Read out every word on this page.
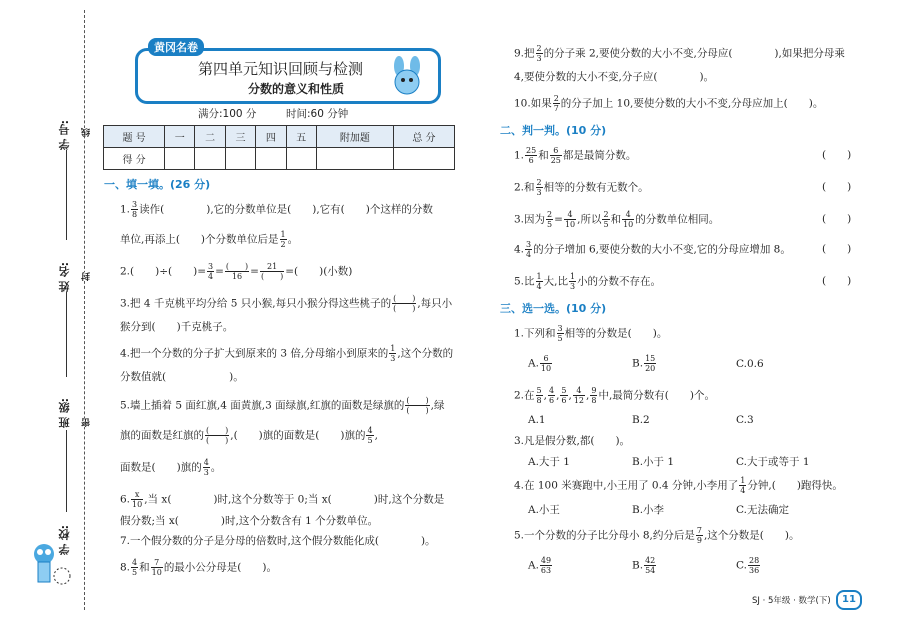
学 号:
姓 名:
班 级:
学 校:
线
封
密
黄冈名卷
第四单元知识回顾与检测
分数的意义和性质
满分:100 分	时间:60 分钟
题 号	一	二	三	四	五	附加题	总 分
得 分							
一、填一填。(26 分)
1. $\frac{3}{8}$ 读作(　　　　),它的分数单位是(　　),它有(　　)个这样的分数
单位,再添上(　　)个分数单位后是 $\frac{1}{2}$ 。
2.(　　)÷(　　)= $\frac{3}{4} = \frac{( )}{16} = \frac{21}{( )}$ =(　　)(小数)
3.把 4 千克桃平均分给 5 只小猴,每只小猴分得这些桃子的 $\frac{( )}{( )}$ ,每只小
猴分到(　　)千克桃子。
4.把一个分数的分子扩大到原来的 3 倍,分母缩小到原来的 $\frac{1}{3}$ ,这个分数的
分数值就(　　　　　　)。
5.墙上插着 5 面红旗,4 面黄旗,3 面绿旗,红旗的面数是绿旗的 $\frac{( )}{( )}$ ,绿
旗的面数是红旗的 $\frac{( )}{( )}$ ,(　　)旗的面数是(　　)旗的 $\frac{4}{5}$ ,
面数是(　　)旗的 $\frac{4}{3}$ 。
6. $\frac{x}{10}$ ,当 x(　　　　)时,这个分数等于 0;当 x(　　　　)时,这个分数是
假分数;当 x(　　　　)时,这个分数含有 1 个分数单位。
7.一个假分数的分子是分母的倍数时,这个假分数能化成(　　　　)。
8. $\frac{4}{5}$ 和 $\frac{7}{10}$ 的最小公分母是(　　)。
9.把 $\frac{2}{3}$ 的分子乘 2,要使分数的大小不变,分母应(　　　　),如果把分母乘
4,要使分数的大小不变,分子应(　　　　)。
10.如果 $\frac{2}{7}$ 的分子加上 10,要使分数的大小不变,分母应加上(　　)。
二、判一判。(10 分)
1. $\frac{25}{6}$ 和 $\frac{6}{25}$ 都是最简分数。	(　　)
2.和 $\frac{2}{3}$ 相等的分数有无数个。	(　　)
3.因为 $\frac{2}{5} = \frac{4}{10}$ ,所以 $\frac{2}{5}$ 和 $\frac{4}{10}$ 的分数单位相同。	(　　)
4. $\frac{3}{4}$ 的分子增加 6,要使分数的大小不变,它的分母应增加 8。	(　　)
5.比 $\frac{1}{4}$ 大,比 $\frac{1}{3}$ 小的分数不存在。	(　　)
三、选一选。(10 分)
1.下列和 $\frac{3}{5}$ 相等的分数是(　　)。
A. $\frac{6}{10}$	B. $\frac{15}{20}$	C.0.6
2.在 $\frac{5}{8}$ , $\frac{4}{6}$ , $\frac{5}{6}$ , $\frac{4}{12}$ , $\frac{9}{8}$ 中,最简分数有(　　)个。
A.1	B.2	C.3
3.凡是假分数,都(　　)。
A.大于 1	B.小于 1	C.大于或等于 1
4.在 100 米赛跑中,小王用了 0.4 分钟,小李用了 $\frac{1}{4}$ 分钟,(　　)跑得快。
A.小王	B.小李	C.无法确定
5.一个分数的分子比分母小 8,约分后是 $\frac{7}{9}$ ,这个分数是(　　)。
A. $\frac{49}{63}$	B. $\frac{42}{54}$	C. $\frac{28}{36}$
SJ · 5年级 · 数学(下)	11
